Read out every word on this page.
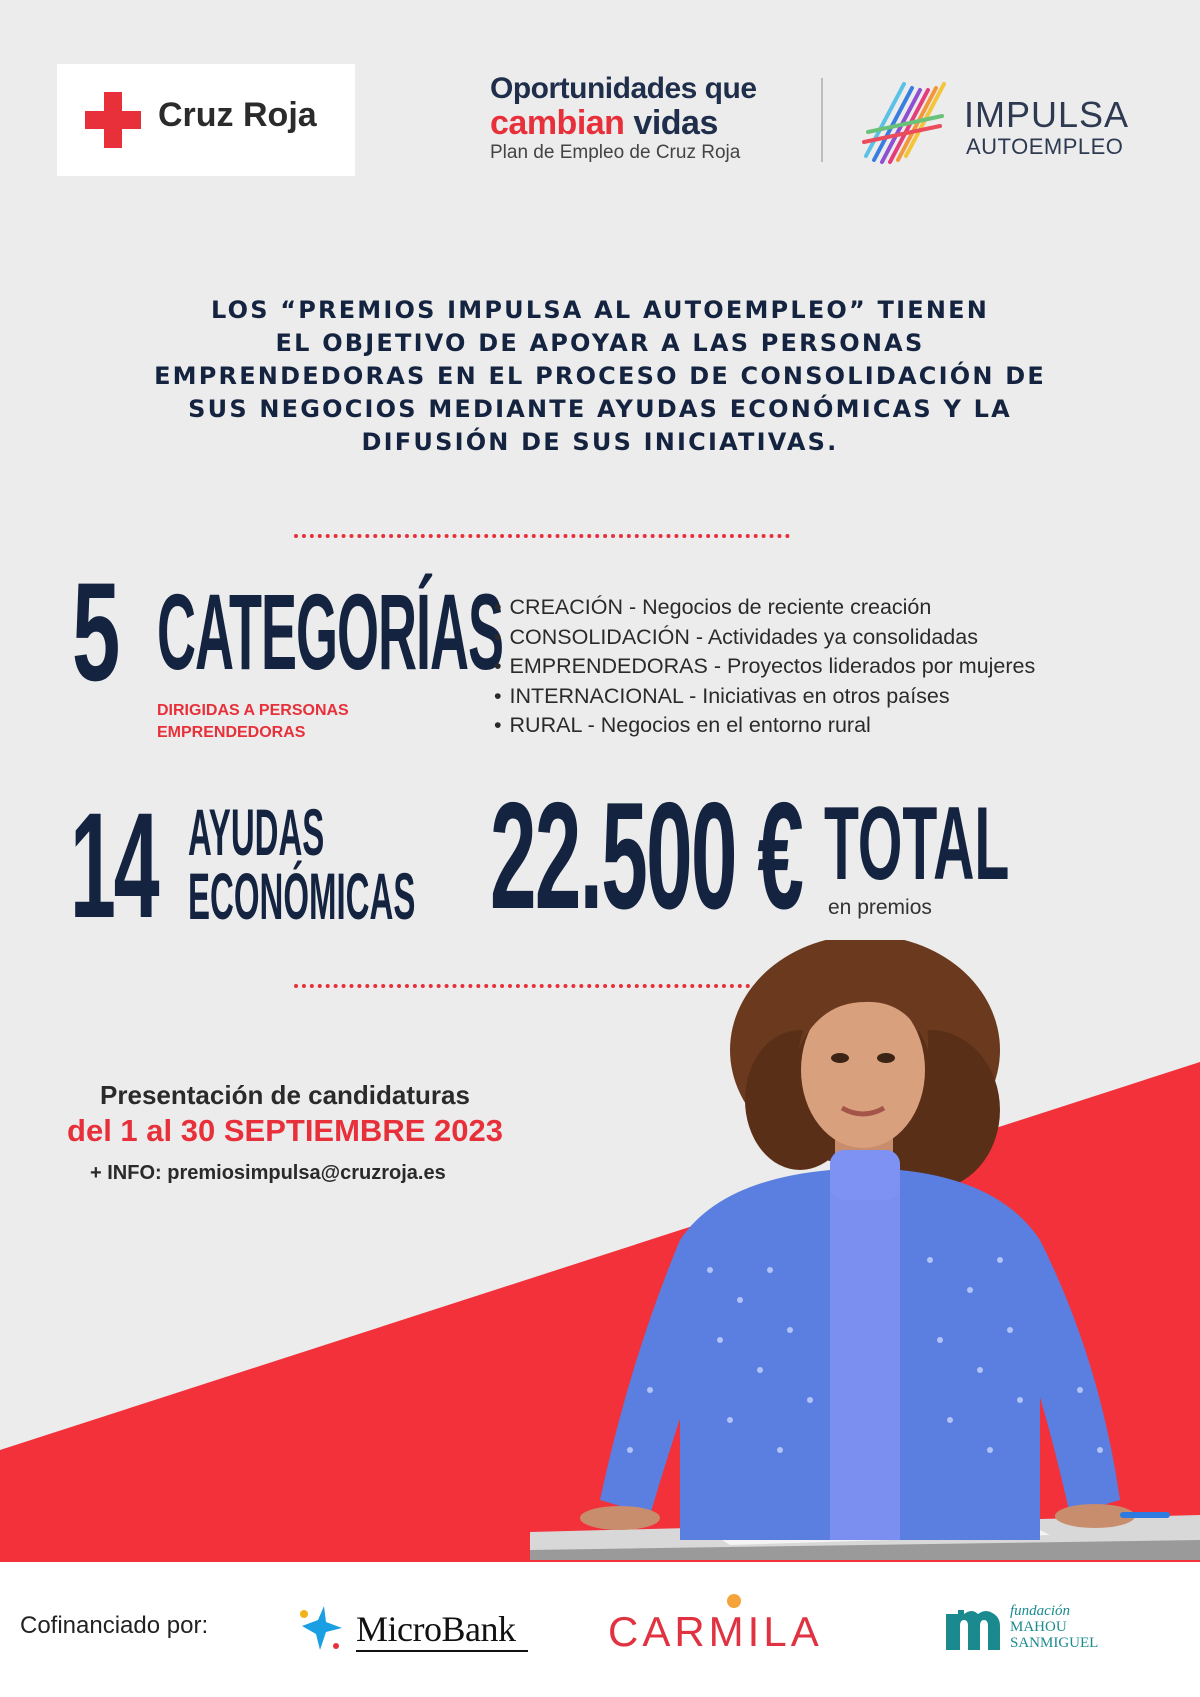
Cruz Roja
Oportunidades que
cambian vidas
Plan de Empleo de Cruz Roja
IMPULSA
AUTOEMPLEO
LOS “PREMIOS IMPULSA AL AUTOEMPLEO” TIENEN
EL OBJETIVO DE APOYAR A LAS PERSONAS
EMPRENDEDORAS EN EL PROCESO DE CONSOLIDACIÓN DE
SUS NEGOCIOS MEDIANTE AYUDAS ECONÓMICAS Y LA
DIFUSIÓN DE SUS INICIATIVAS.
5 CATEGORÍAS
DIRIGIDAS A PERSONAS
EMPRENDEDORAS
• CREACIÓN - Negocios de reciente creación
• CONSOLIDACIÓN - Actividades ya consolidadas
• EMPRENDEDORAS - Proyectos liderados por mujeres
• INTERNACIONAL - Iniciativas en otros países
• RURAL - Negocios en el entorno rural
14 AYUDAS
ECONÓMICAS 22.500 € TOTAL
en premios
Presentación de candidaturas
del 1 al 30 SEPTIEMBRE 2023
+ INFO: premiosimpulsa@cruzroja.es
Cofinanciado por:	MicroBank CARMILA	fundación
MAHOU
SANMIGUEL
